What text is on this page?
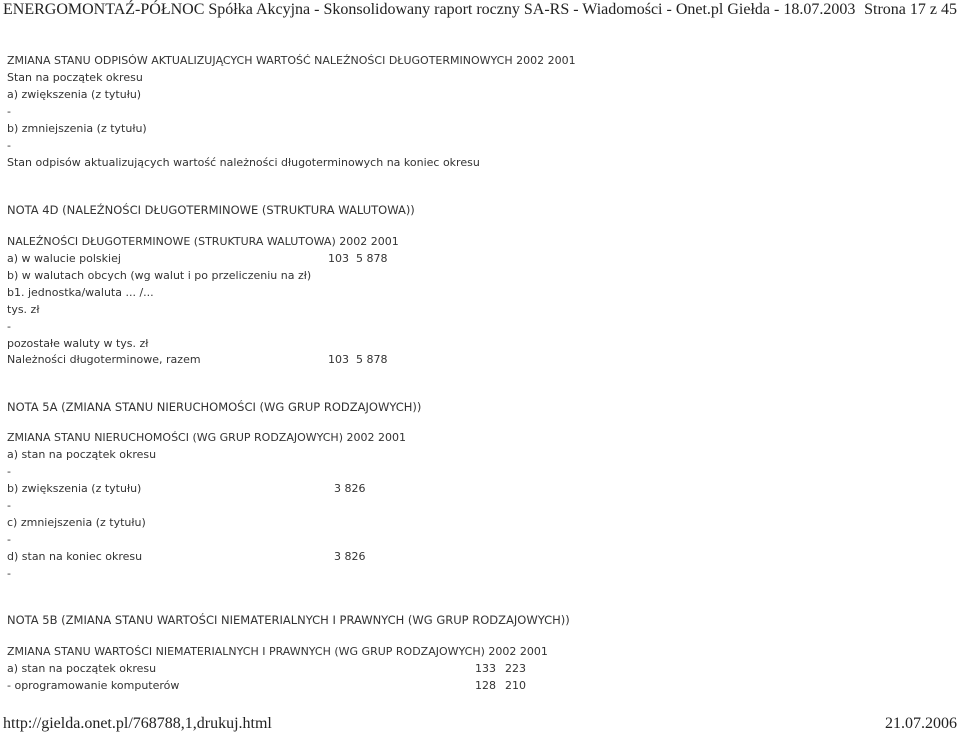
ENERGOMONTAŹ-PÓŁNOC Spółka Akcyjna - Skonsolidowany raport roczny SA-RS - Wiadomości - Onet.pl Giełda - 18.07.2003 Strona 17 z 45
ZMIANA STANU ODPISÓW AKTUALIZUJĄCYCH WARTOŚĆ NALEŹNOŚCI DŁUGOTERMINOWYCH 2002 2001
Stan na początek okresu
a) zwiększenia (z tytułu)
-
b) zmniejszenia (z tytułu)
-
Stan odpisów aktualizujących wartość należności długoterminowych na koniec okresu
NOTA 4D (NALEŹNOŚCI DŁUGOTERMINOWE (STRUKTURA WALUTOWA))
NALEŹNOŚCI DŁUGOTERMINOWE (STRUKTURA WALUTOWA) 2002 2001
a) w walucie polskiej	103 5 878
b) w walutach obcych (wg walut i po przeliczeniu na zł)
b1. jednostka/waluta ... /...
tys. zł
-
pozostałe waluty w tys. zł
Należności długoterminowe, razem	103 5 878
NOTA 5A (ZMIANA STANU NIERUCHOMOŚCI (WG GRUP RODZAJOWYCH))
ZMIANA STANU NIERUCHOMOŚCI (WG GRUP RODZAJOWYCH) 2002 2001
a) stan na początek okresu
-
b) zwiększenia (z tytułu)	3 826
-
c) zmniejszenia (z tytułu)
-
d) stan na koniec okresu	3 826
-
NOTA 5B (ZMIANA STANU WARTOŚCI NIEMATERIALNYCH I PRAWNYCH (WG GRUP RODZAJOWYCH))
ZMIANA STANU WARTOŚCI NIEMATERIALNYCH I PRAWNYCH (WG GRUP RODZAJOWYCH) 2002 2001
a) stan na początek okresu	133 223
- oprogramowanie komputerów	128 210
http://gielda.onet.pl/768788,1,drukuj.html	21.07.2006
